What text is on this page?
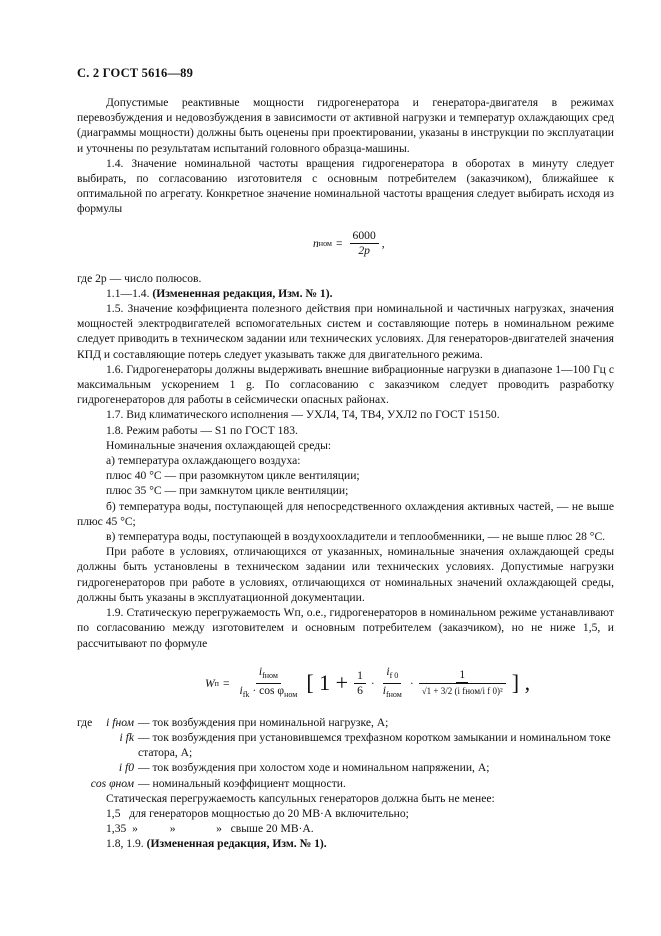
С. 2 ГОСТ 5616—89

Допустимые реактивные мощности гидрогенератора и генератора-двигателя в режимах перевозбуждения и недовозбуждения в зависимости от активной нагрузки и температур охлаждающих сред (диаграммы мощности) должны быть оценены при проектировании, указаны в инструкции по эксплуатации и уточнены по результатам испытаний головного образца-машины.

1.4. Значение номинальной частоты вращения гидрогенератора в оборотах в минуту следует выбирать, по согласованию изготовителя с основным потребителем (заказчиком), ближайшее к оптимальной по агрегату. Конкретное значение номинальной частоты вращения следует выбирать исходя из формулы

n ном = $\frac{6000}{2p}$ ,

где 2p — число полюсов.

1.1—1.4. (Измененная редакция, Изм. № 1).

1.5. Значение коэффициента полезного действия при номинальной и частичных нагрузках, значения мощностей электродвигателей вспомогательных систем и составляющие потерь в номинальном режиме следует приводить в техническом задании или технических условиях. Для генераторов-двигателей значения КПД и составляющие потерь следует указывать также для двигательного режима.

1.6. Гидрогенераторы должны выдерживать внешние вибрационные нагрузки в диапазоне 1—100 Гц с максимальным ускорением 1 g. По согласованию с заказчиком следует проводить разработку гидрогенераторов для работы в сейсмически опасных районах.

1.7. Вид климатического исполнения — УХЛ4, Т4, ТВ4, УХЛ2 по ГОСТ 15150.

1.8. Режим работы — S1 по ГОСТ 183.

Номинальные значения охлаждающей среды:

а) температура охлаждающего воздуха:

плюс 40 °С — при разомкнутом цикле вентиляции;

плюс 35 °С — при замкнутом цикле вентиляции;

б) температура воды, поступающей для непосредственного охлаждения активных частей, — не выше плюс 45 °С;

в) температура воды, поступающей в воздухоохладители и теплообменники, — не выше плюс 28 °С.

При работе в условиях, отличающихся от указанных, номинальные значения охлаждающей среды должны быть установлены в техническом задании или технических условиях. Допустимые нагрузки гидрогенераторов при работе в условиях, отличающихся от номинальных значений охлаждающей среды, должны быть указаны в эксплуатационной документации.

1.9. Статическую перегружаемость Wп, о.е., гидрогенераторов в номинальном режиме устанавливают по согласованию между изготовителем и основным потребителем (заказчиком), но не ниже 1,5, и рассчитывают по формуле

W $п = \frac{i_{fном}}{i_{fk} \cdot \cos \varphi_{ном}}$ [ $1 + \frac{1}{6} \cdot \frac{i_{f 0}}{i_{fном}} \cdot \frac{1}{\text{√1 + 3/2 (i fном/i f 0)²}}$ ] ,
где	i fном — ток возбуждения при номинальной нагрузке, А;
i fk — ток возбуждения при установившемся трехфазном коротком замыкании и номинальном токе статора, А;
i f0 — ток возбуждения при холостом ходе и номинальном напряжении, А;
cos φном — номинальный коэффициент мощности.

Статическая перегружаемость капсульных генераторов должна быть не менее:

1,5   для генераторов мощностью до 20 МВ·А включительно;

1,35  »           »              »   свыше 20 МВ·А.

1.8, 1.9. (Измененная редакция, Изм. № 1).
